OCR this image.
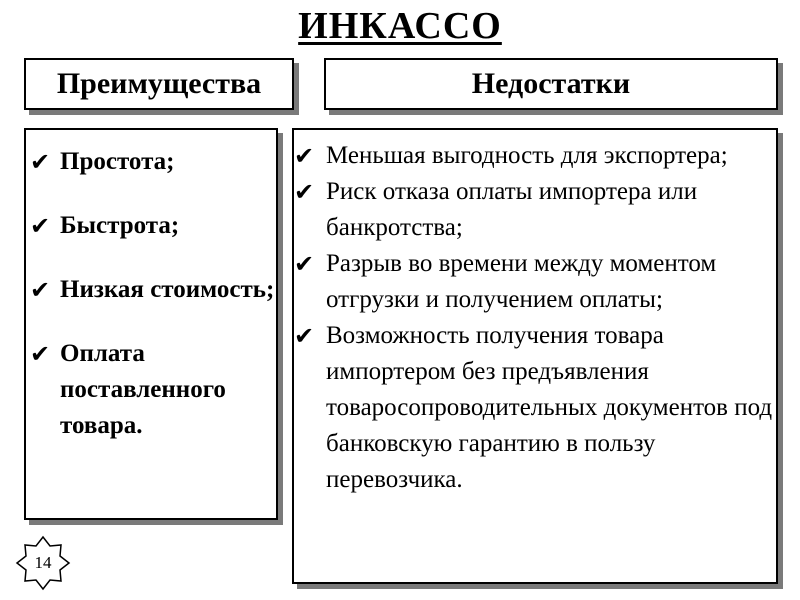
ИНКАССО
Преимущества	Недостатки
✔ Простота;
✔ Быстрота;
✔ Низкая стоимость;
✔ Оплата поставленного товара.
✔ Меньшая выгодность для экспортера;
✔ Риск отказа оплаты импортера или банкротства;
✔ Разрыв во времени между моментом отгрузки и получением оплаты;
✔ Возможность получения товара импортером без предъявления товаросопроводительных документов под банковскую гарантию в пользу перевозчика.
14
